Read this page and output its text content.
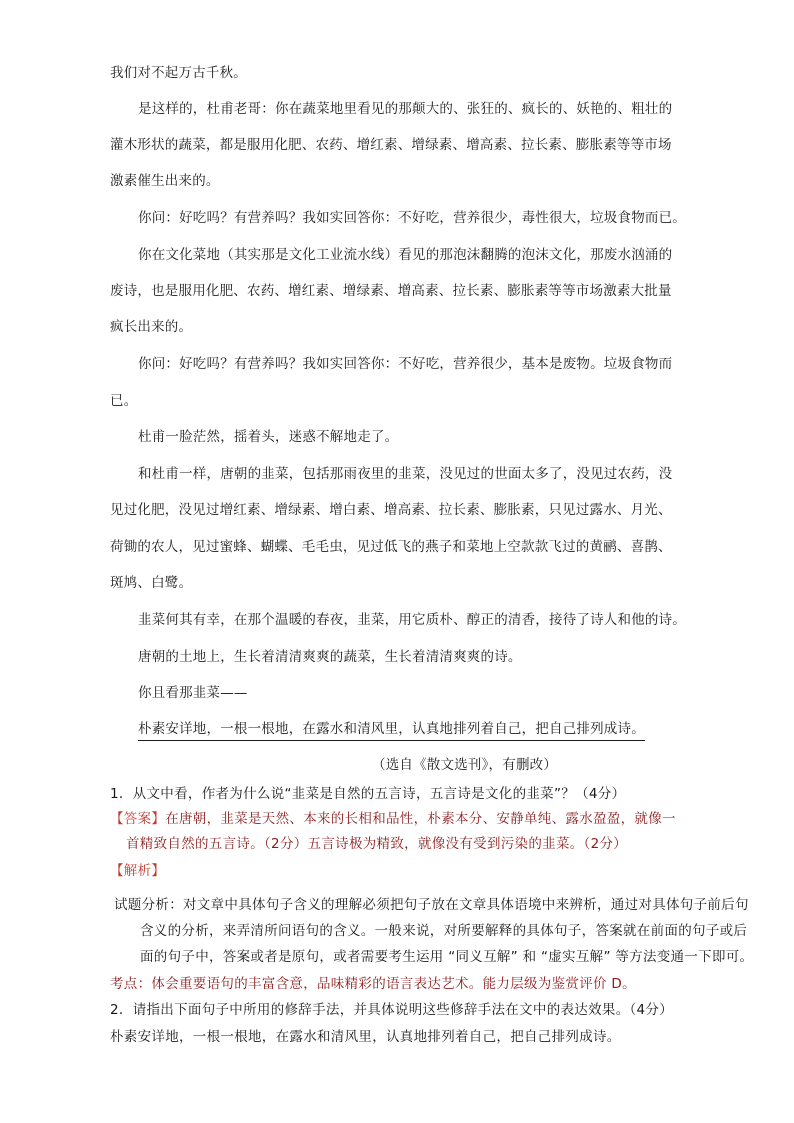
我们对不起万古千秋。
是这样的，杜甫老哥：你在蔬菜地里看见的那颠大的、张狂的、疯长的、妖艳的、粗壮的
灌木形状的蔬菜，都是服用化肥、农药、增红素、增绿素、增高素、拉长素、膨胀素等等市场
激素催生出来的。
你问：好吃吗？有营养吗？我如实回答你：不好吃，营养很少，毒性很大，垃圾食物而已。
你在文化菜地（其实那是文化工业流水线）看见的那泡沫翻腾的泡沫文化，那废水汹涌的
废诗，也是服用化肥、农药、增红素、增绿素、增高素、拉长素、膨胀素等等市场激素大批量
疯长出来的。
你问：好吃吗？有营养吗？我如实回答你：不好吃，营养很少，基本是废物。垃圾食物而
已。
杜甫一脸茫然，摇着头，迷惑不解地走了。
和杜甫一样，唐朝的韭菜，包括那雨夜里的韭菜，没见过的世面太多了，没见过农药，没
见过化肥，没见过增红素、增绿素、增白素、增高素、拉长素、膨胀素，只见过露水、月光、
荷锄的农人，见过蜜蜂、蝴蝶、毛毛虫，见过低飞的燕子和菜地上空款款飞过的黄鹂、喜鹊、
斑鸠、白鹭。
韭菜何其有幸，在那个温暖的春夜，韭菜，用它质朴、醇正的清香，接待了诗人和他的诗。
唐朝的土地上，生长着清清爽爽的蔬菜，生长着清清爽爽的诗。
你且看那韭菜——
朴素安详地，一根一根地，在露水和清风里，认真地排列着自己，把自己排列成诗。
（选自《散文选刊》，有删改）
1．从文中看，作者为什么说“韭菜是自然的五言诗，五言诗是文化的韭菜”？（4分）
【答案】在唐朝，韭菜是天然、本来的长相和品性，朴素本分、安静单纯、露水盈盈，就像一
首精致自然的五言诗。（2分）五言诗极为精致，就像没有受到污染的韭菜。（2分）
【解析】
试题分析：对文章中具体句子含义的理解必须把句子放在文章具体语境中来辨析，通过对具体句子前后句
含义的分析，来弄清所问语句的含义。一般来说，对所要解释的具体句子，答案就在前面的句子或后
面的句子中，答案或者是原句，或者需要考生运用 “同义互解” 和 “虚实互解” 等方法变通一下即可。
考点：体会重要语句的丰富含意，品味精彩的语言表达艺术。能力层级为鉴赏评价 D。
2．请指出下面句子中所用的修辞手法，并具体说明这些修辞手法在文中的表达效果。（4分）
朴素安详地，一根一根地，在露水和清风里，认真地排列着自己，把自己排列成诗。
